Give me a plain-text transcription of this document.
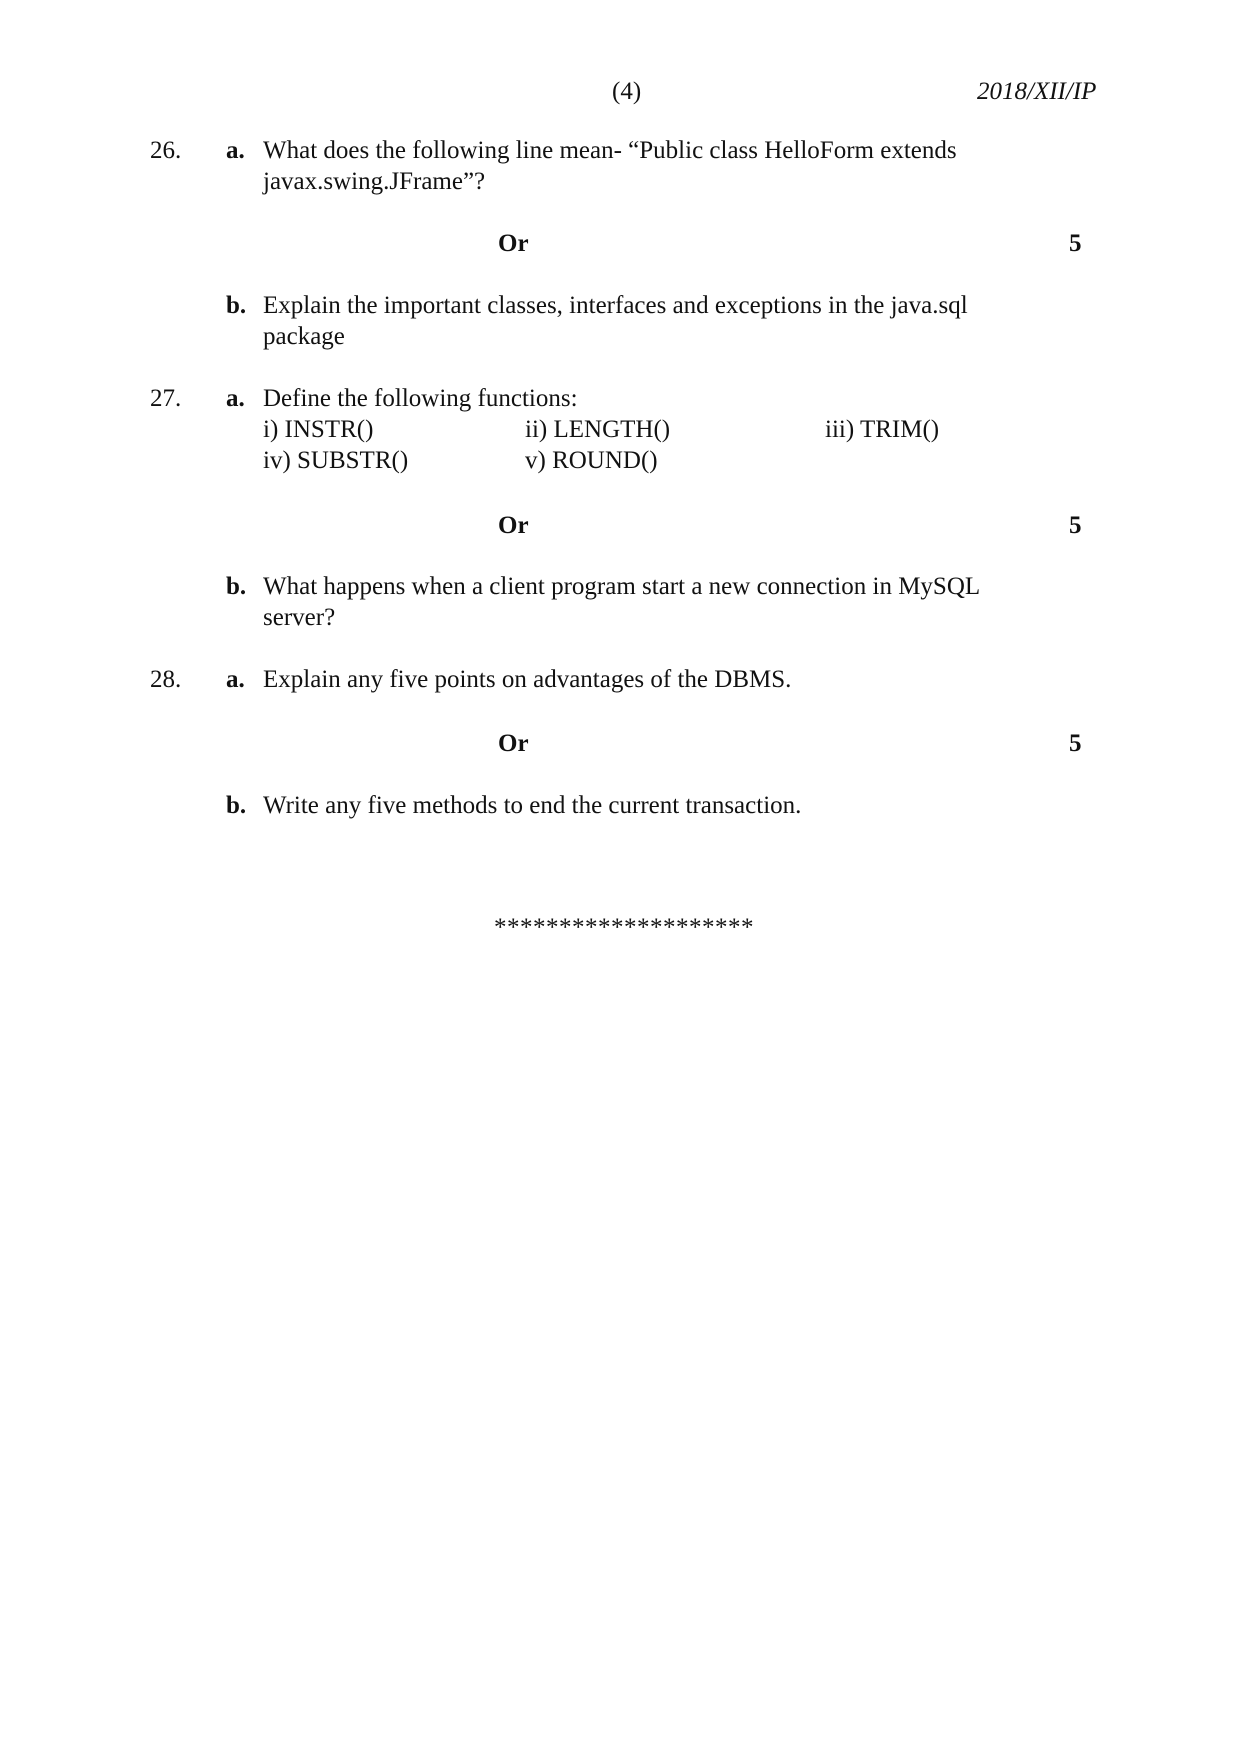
(4)	2018/XII/IP
26. a. What does the following line mean- “Public class HelloForm extends
javax.swing.JFrame”?
Or	5
b. Explain the important classes, interfaces and exceptions in the java.sql
package
27. a. Define the following functions:
i) INSTR()	ii) LENGTH()	iii) TRIM()
iv) SUBSTR()	v) ROUND()
Or	5
b. What happens when a client program start a new connection in MySQL
server?
28. a. Explain any five points on advantages of the DBMS.
Or	5
b. Write any five methods to end the current transaction.
********************
